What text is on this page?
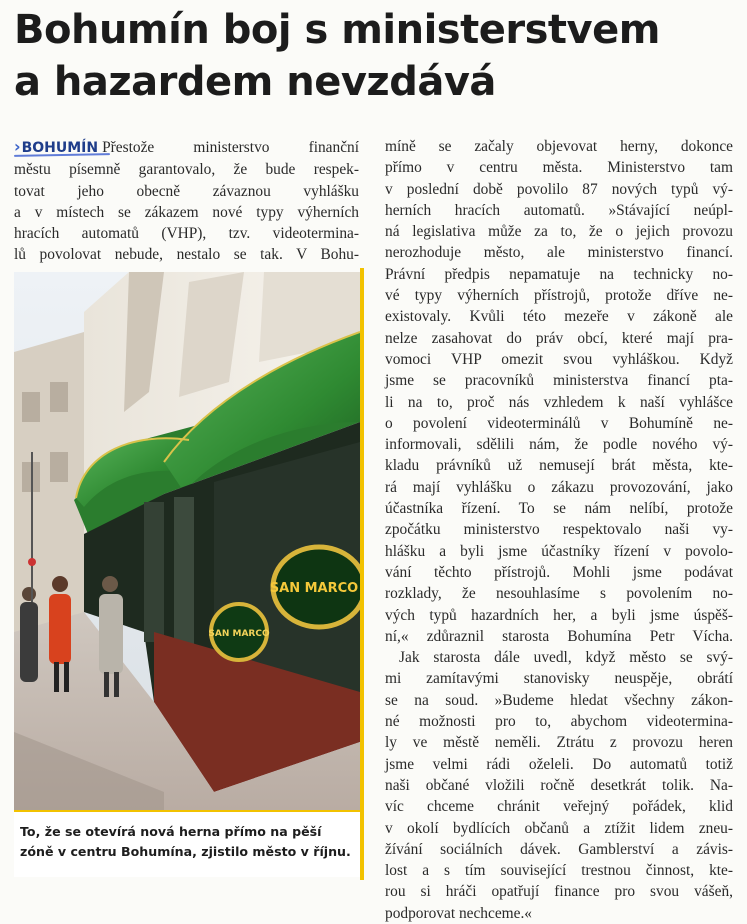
Bohumín boj s ministerstvem
a hazardem nevzdává
›BOHUMÍN Přestože ministerstvo finanční
městu písemně garantovalo, že bude respek-
tovat jeho obecně závaznou vyhlášku
a v místech se zákazem nové typy výherních
hracích automatů (VHP), tzv. videotermina-
lů povolovat nebude, nestalo se tak. V Bohu-
SAN MARCO
SAN MARCO
To, že se otevírá nová herna přímo na pěší
zóně v centru Bohumína, zjistilo město v říjnu.
míně se začaly objevovat herny, dokonce
přímo v centru města. Ministerstvo tam
v poslední době povolilo 87 nových typů vý-
herních hracích automatů. »Stávající neúpl-
ná legislativa může za to, že o jejich provozu
nerozhoduje město, ale ministerstvo financí.
Právní předpis nepamatuje na technicky no-
vé typy výherních přístrojů, protože dříve ne-
existovaly. Kvůli této mezeře v zákoně ale
nelze zasahovat do práv obcí, které mají pra-
vomoci VHP omezit svou vyhláškou. Když
jsme se pracovníků ministerstva financí pta-
li na to, proč nás vzhledem k naší vyhlášce
o povolení videoterminálů v Bohumíně ne-
informovali, sdělili nám, že podle nového vý-
kladu právníků už nemusejí brát města, kte-
rá mají vyhlášku o zákazu provozování, jako
účastníka řízení. To se nám nelíbí, protože
zpočátku ministerstvo respektovalo naši vy-
hlášku a byli jsme účastníky řízení v povolo-
vání těchto přístrojů. Mohli jsme podávat
rozklady, že nesouhlasíme s povolením no-
vých typů hazardních her, a byli jsme úspěš-
ní,« zdůraznil starosta Bohumína Petr Vícha.
Jak starosta dále uvedl, když město se svý-
mi zamítavými stanovisky neuspěje, obrátí
se na soud. »Budeme hledat všechny zákon-
né možnosti pro to, abychom videotermina-
ly ve městě neměli. Ztrátu z provozu heren
jsme velmi rádi oželeli. Do automatů totiž
naši občané vložili ročně desetkrát tolik. Na-
víc chceme chránit veřejný pořádek, klid
v okolí bydlících občanů a ztížit lidem zneu-
žívání sociálních dávek. Gamblerství a závis-
lost a s tím související trestnou činnost, kte-
rou si hráči opatřují finance pro svou vášeň,
podporovat nechceme.«
